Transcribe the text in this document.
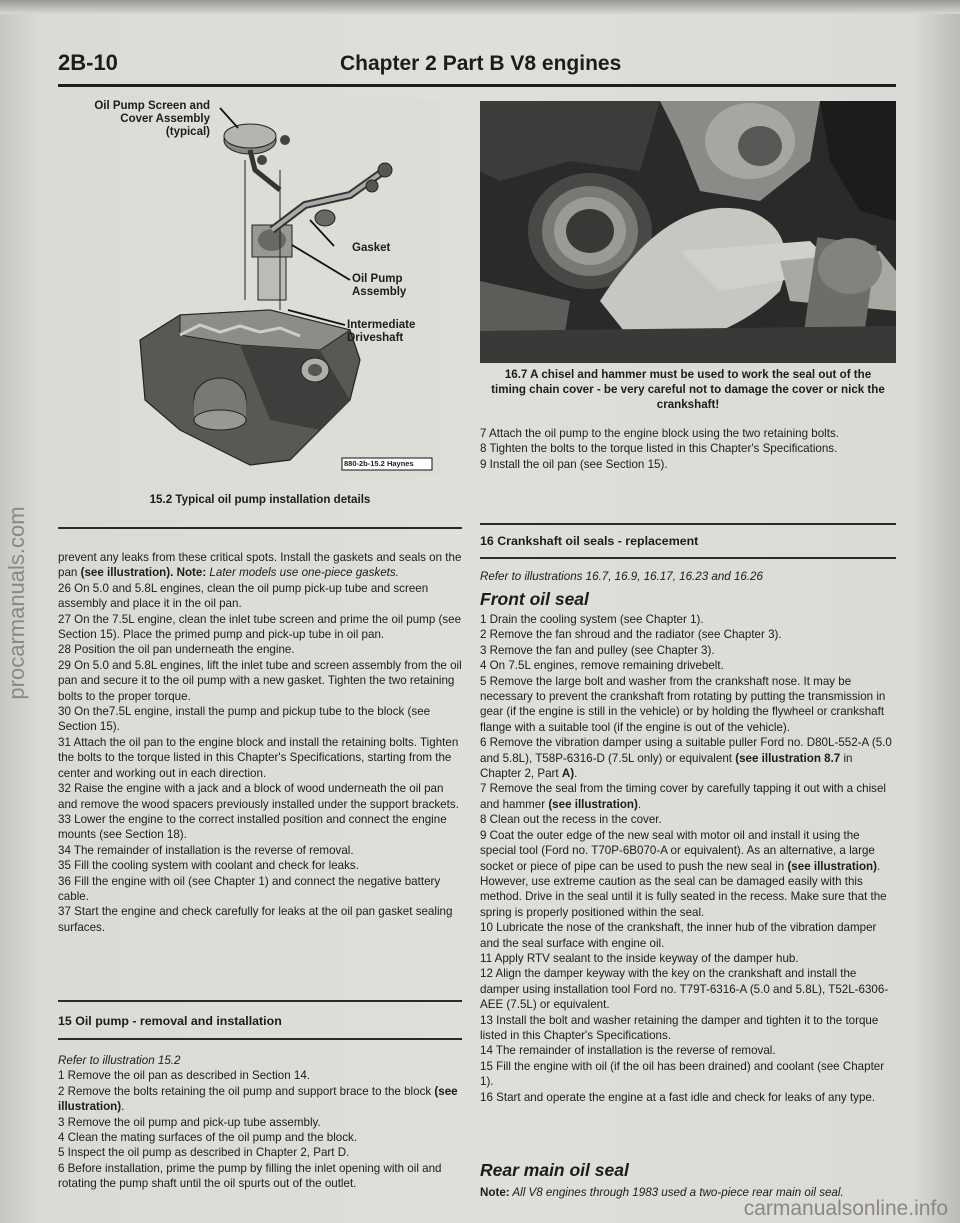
procarmanuals.com
carmanualsonline.info
2B-10	Chapter 2 Part B V8 engines
Oil Pump Screen and Cover Assembly (typical)
Gasket
Oil Pump Assembly
Intermediate Driveshaft
880-2b-15.2 Haynes
15.2 Typical oil pump installation details

prevent any leaks from these critical spots. Install the gaskets and seals on the pan (see illustration). Note: Later models use one-piece gaskets.

26 On 5.0 and 5.8L engines, clean the oil pump pick-up tube and screen assembly and place it in the oil pan.

27 On the 7.5L engine, clean the inlet tube screen and prime the oil pump (see Section 15). Place the primed pump and pick-up tube in oil pan.

28 Position the oil pan underneath the engine.

29 On 5.0 and 5.8L engines, lift the inlet tube and screen assembly from the oil pan and secure it to the oil pump with a new gasket. Tighten the two retaining bolts to the proper torque.

30 On the7.5L engine, install the pump and pickup tube to the block (see Section 15).

31 Attach the oil pan to the engine block and install the retaining bolts. Tighten the bolts to the torque listed in this Chapter's Specifications, starting from the center and working out in each direction.

32 Raise the engine with a jack and a block of wood underneath the oil pan and remove the wood spacers previously installed under the support brackets.

33 Lower the engine to the correct installed position and connect the engine mounts (see Section 18).

34 The remainder of installation is the reverse of removal.

35 Fill the cooling system with coolant and check for leaks.

36 Fill the engine with oil (see Chapter 1) and connect the negative battery cable.

37 Start the engine and check carefully for leaks at the oil pan gasket sealing surfaces.

15 Oil pump - removal and installation

Refer to illustration 15.2

1 Remove the oil pan as described in Section 14.

2 Remove the bolts retaining the oil pump and support brace to the block (see illustration).

3 Remove the oil pump and pick-up tube assembly.

4 Clean the mating surfaces of the oil pump and the block.

5 Inspect the oil pump as described in Chapter 2, Part D.

6 Before installation, prime the pump by filling the inlet opening with oil and rotating the pump shaft until the oil spurts out of the outlet.

16.7 A chisel and hammer must be used to work the seal out of the timing chain cover - be very careful not to damage the cover or nick the crankshaft!

7 Attach the oil pump to the engine block using the two retaining bolts.

8 Tighten the bolts to the torque listed in this Chapter's Specifications.

9 Install the oil pan (see Section 15).

16 Crankshaft oil seals - replacement
Refer to illustrations 16.7, 16.9, 16.17, 16.23 and 16.26
Front oil seal

1 Drain the cooling system (see Chapter 1).

2 Remove the fan shroud and the radiator (see Chapter 3).

3 Remove the fan and pulley (see Chapter 3).

4 On 7.5L engines, remove remaining drivebelt.

5 Remove the large bolt and washer from the crankshaft nose. It may be necessary to prevent the crankshaft from rotating by putting the transmission in gear (if the engine is still in the vehicle) or by holding the flywheel or crankshaft flange with a suitable tool (if the engine is out of the vehicle).

6 Remove the vibration damper using a suitable puller Ford no. D80L-552-A (5.0 and 5.8L), T58P-6316-D (7.5L only) or equivalent (see illustration 8.7 in Chapter 2, Part A).

7 Remove the seal from the timing cover by carefully tapping it out with a chisel and hammer (see illustration).

8 Clean out the recess in the cover.

9 Coat the outer edge of the new seal with motor oil and install it using the special tool (Ford no. T70P-6B070-A or equivalent). As an alternative, a large socket or piece of pipe can be used to push the new seal in (see illustration). However, use extreme caution as the seal can be damaged easily with this method. Drive in the seal until it is fully seated in the recess. Make sure that the spring is properly positioned within the seal.

10 Lubricate the nose of the crankshaft, the inner hub of the vibration damper and the seal surface with engine oil.

11 Apply RTV sealant to the inside keyway of the damper hub.

12 Align the damper keyway with the key on the crankshaft and install the damper using installation tool Ford no. T79T-6316-A (5.0 and 5.8L), T52L-6306-AEE (7.5L) or equivalent.

13 Install the bolt and washer retaining the damper and tighten it to the torque listed in this Chapter's Specifications.

14 The remainder of installation is the reverse of removal.

15 Fill the engine with oil (if the oil has been drained) and coolant (see Chapter 1).

16 Start and operate the engine at a fast idle and check for leaks of any type.

Rear main oil seal
Note: All V8 engines through 1983 used a two-piece rear main oil seal.
